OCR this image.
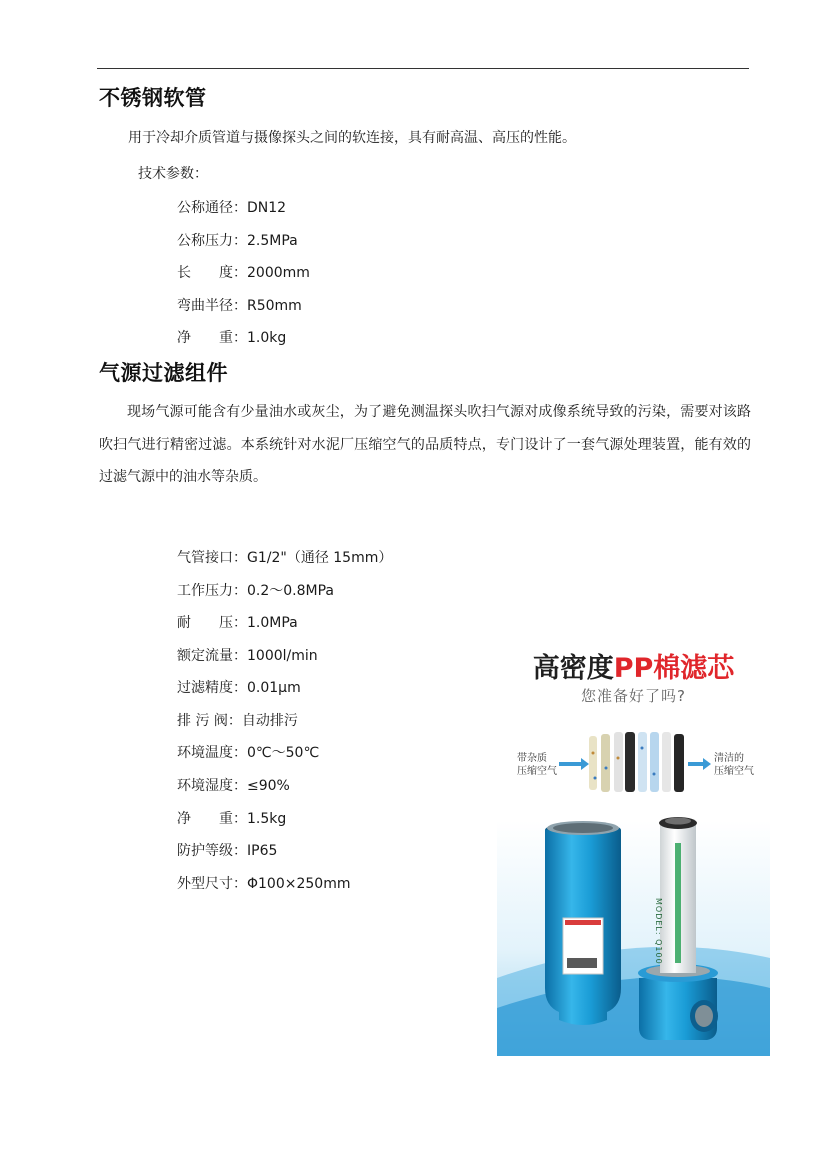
不锈钢软管
用于冷却介质管道与摄像探头之间的软连接，具有耐高温、高压的性能。
技术参数：
公称通径：DN12
公称压力：2.5MPa
长 度： 2000mm
弯曲半径：R50mm
净 重： 1.0kg
气源过滤组件
现场气源可能含有少量油水或灰尘，为了避免测温探头吹扫气源对成像系统导致的污染，需要对该路吹扫气进行精密过滤。本系统针对水泥厂压缩空气的品质特点，专门设计了一套气源处理装置，能有效的过滤气源中的油水等杂质。
气管接口：G1/2"（通径 15mm）
工作压力：0.2～0.8MPa
耐 压： 1.0MPa
额定流量：1000l/min
过滤精度：0.01μm
排 污 阀：自动排污
环境温度：0℃～50℃
环境湿度：≤90%
净 重： 1.5kg
防护等级：IP65
外型尺寸：Φ100×250mm
高密度PP棉滤芯
您准备好了吗?
带杂质
压缩空气
清洁的
压缩空气
MODEL: Q100
